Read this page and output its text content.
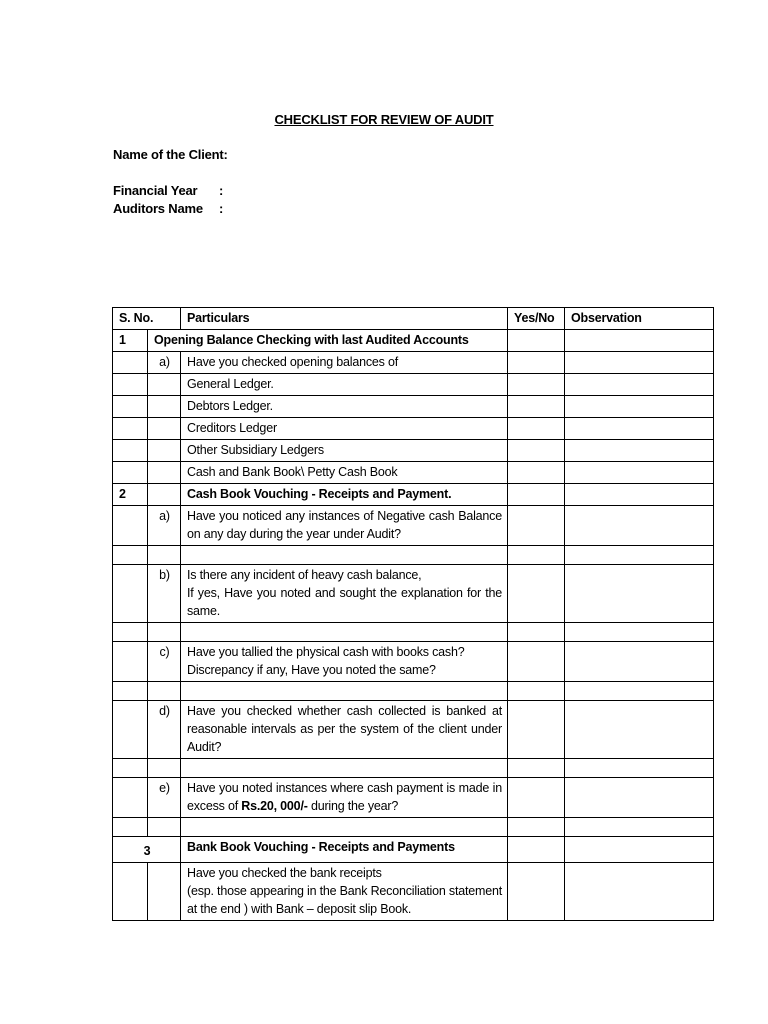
CHECKLIST FOR REVIEW OF AUDIT
Name of the Client:
Financial Year :
Auditors Name :
S. No.		Particulars	Yes/No	Observation
1	Opening Balance Checking with last Audited Accounts			
	a)	Have you checked opening balances of		
		General Ledger.		
		Debtors Ledger.		
		Creditors Ledger		
		Other Subsidiary Ledgers		
		Cash and Bank Book\ Petty Cash Book		
2		Cash Book Vouching - Receipts and Payment.		
	a)	Have you noticed any instances of Negative cash Balance on any day during the year under Audit?		

	b)	Is there any incident of heavy cash balance,
If yes, Have you noted and sought the explanation for the same.		

	c)	Have you tallied the physical cash with books cash?
Discrepancy if any, Have you noted the same?		

	d)	Have you checked whether cash collected is banked at reasonable intervals as per the system of the client under Audit?		

	e)	Have you noted instances where cash payment is made in excess of Rs.20, 000/- during the year?		

3		Bank Book Vouching - Receipts and Payments		

		Have you checked the bank receipts
(esp. those appearing in the Bank Reconciliation statement at the end ) with Bank – deposit slip Book.		
